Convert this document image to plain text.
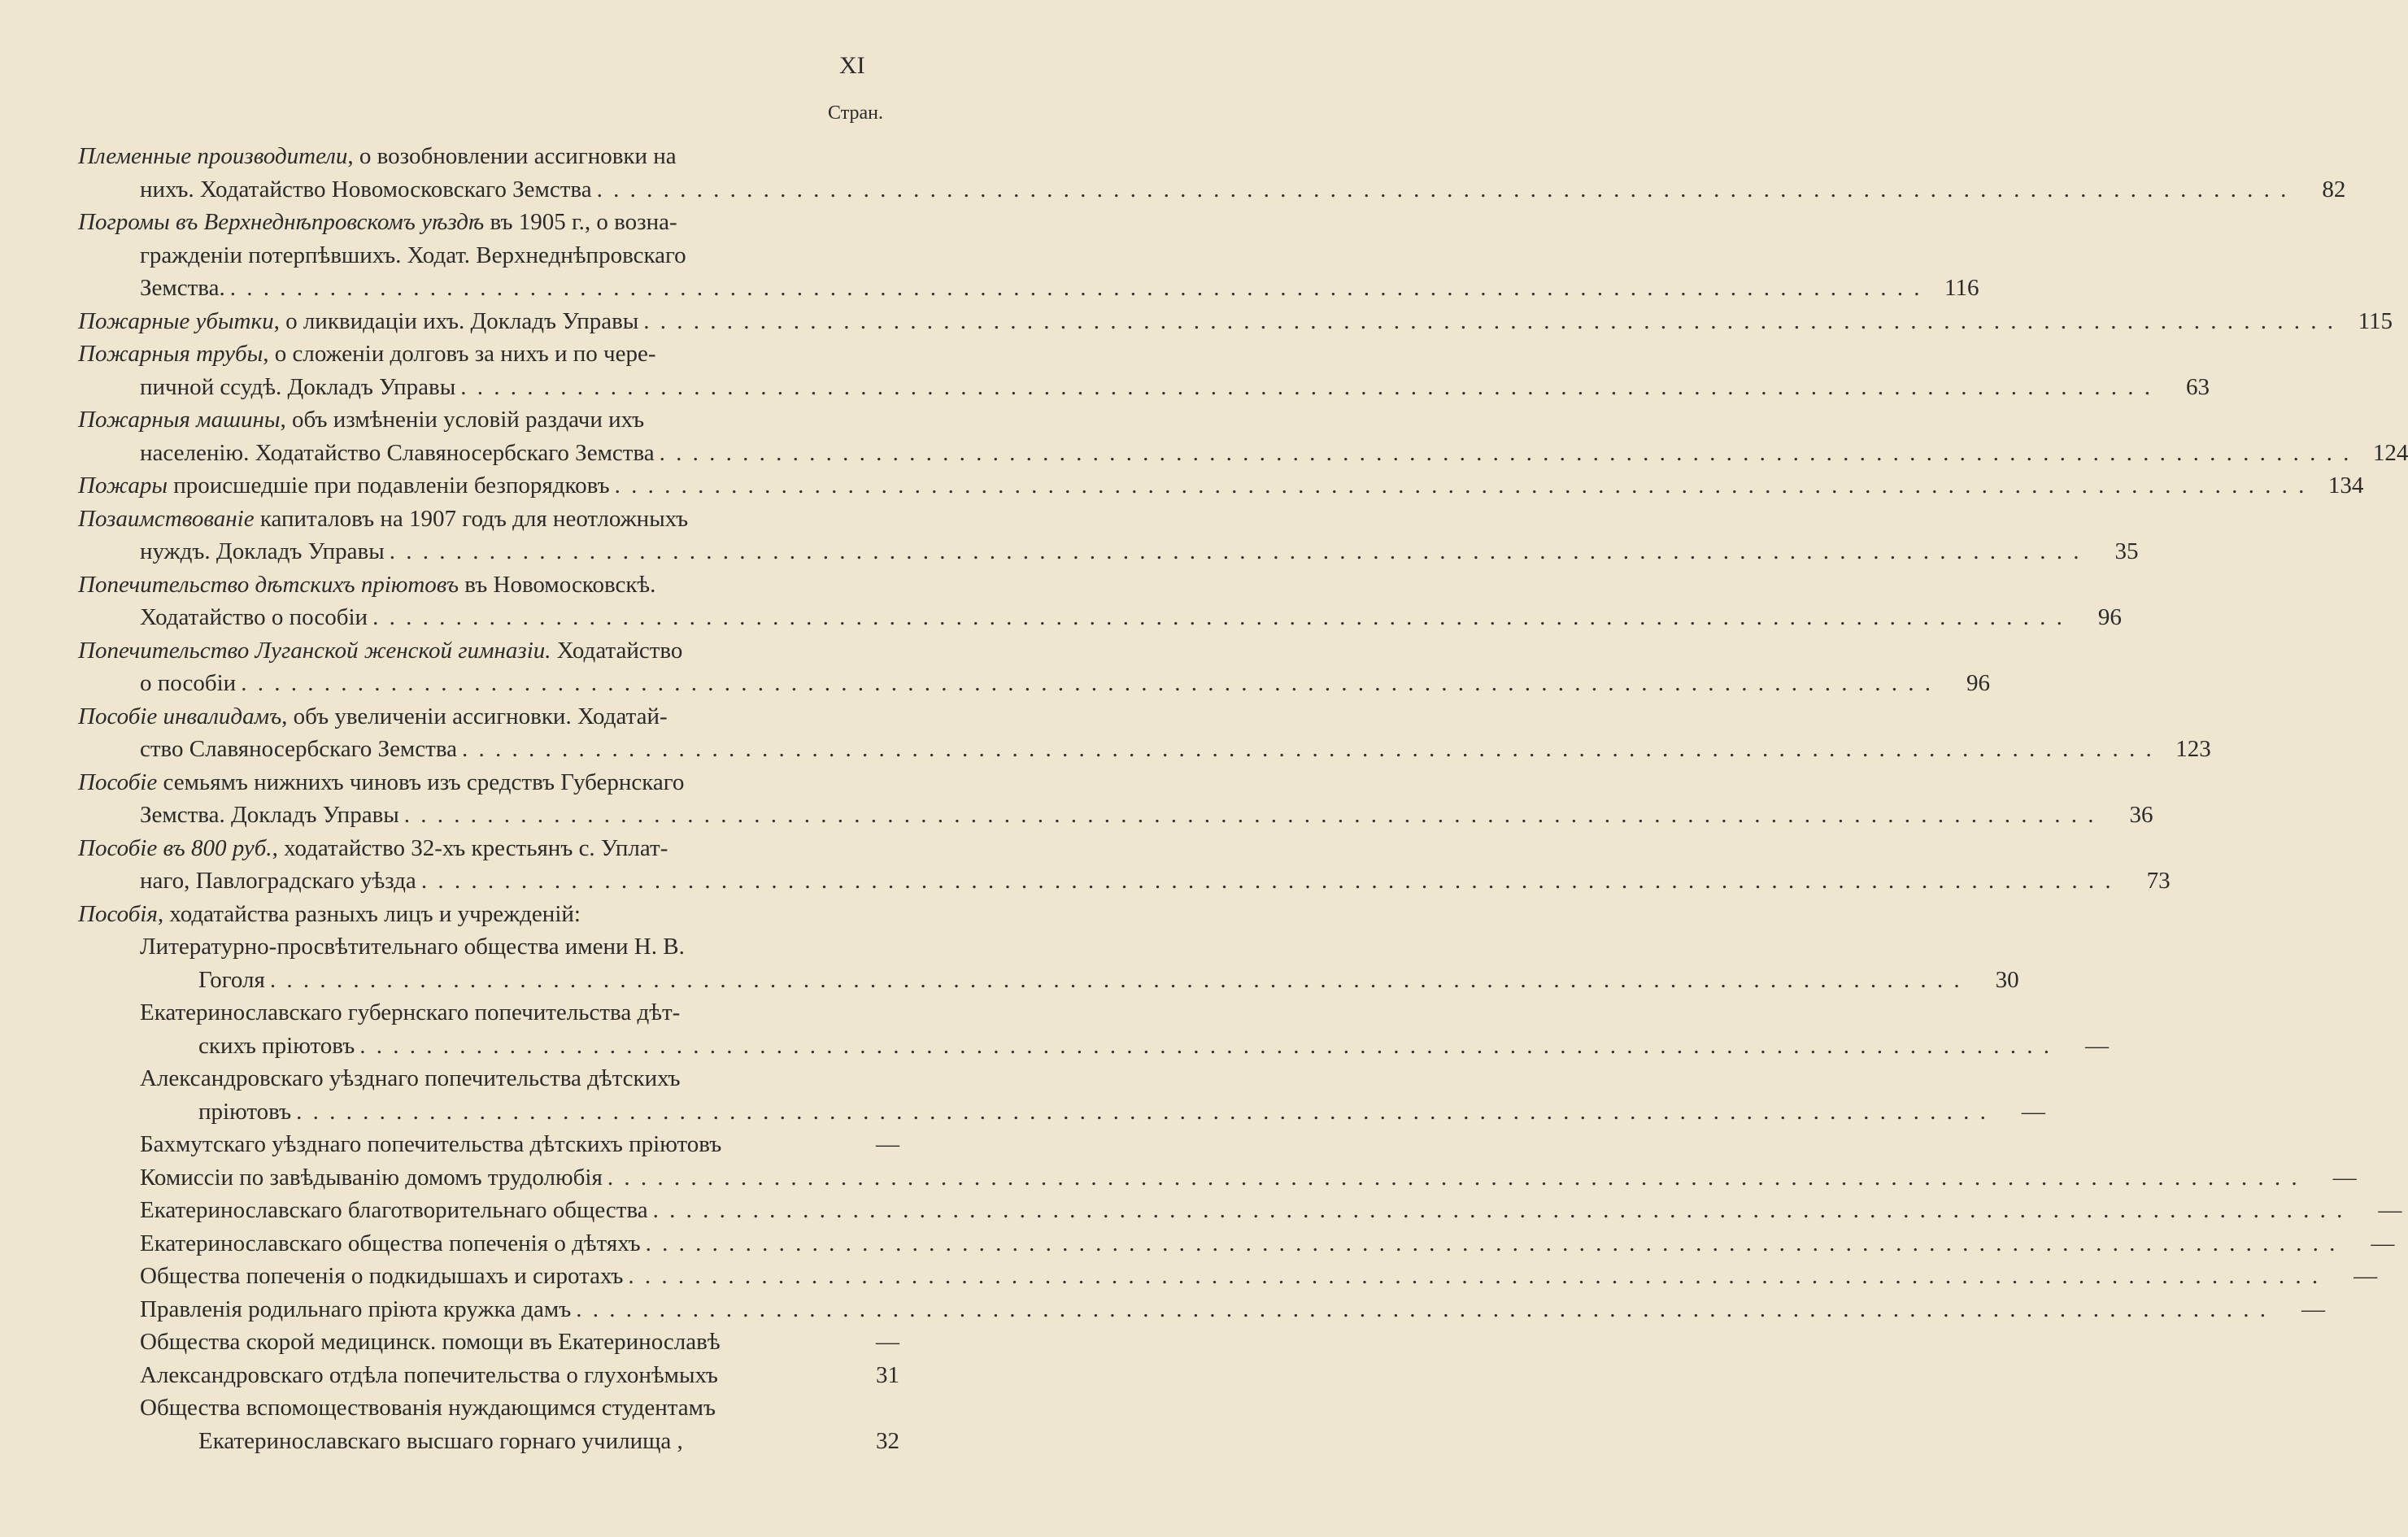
XI
Стран.
Племенные производители, о возобновлении ассигновки на
нихъ. Ходатайство Новомосковскаго Земства . . .	82
Погромы въ Верхнеднѣпровскомъ уѣздѣ въ 1905 г., о возна-
гражденіи потерпѣвшихъ. Ходат. Верхнеднѣпровскаго
Земства. . . .	116
Пожарные убытки, о ликвидаціи ихъ. Докладъ Управы . . .	115
Пожарныя трубы, о сложеніи долговъ за нихъ и по чере-
пичной ссудѣ. Докладъ Управы . . .	63
Пожарныя машины, объ измѣненіи условій раздачи ихъ
населенію. Ходатайство Славяносербскаго Земства . . .	124
Пожары происшедшіе при подавленіи безпорядковъ . . .	134
Позаимствованіе капиталовъ на 1907 годъ для неотложныхъ
нуждъ. Докладъ Управы . . .	35
Попечительство дѣтскихъ пріютовъ въ Новомосковскѣ.
Ходатайство о пособіи . . .	96
Попечительство Луганской женской гимназіи. Ходатайство
о пособіи . . .	96
Пособіе инвалидамъ, объ увеличеніи ассигновки. Ходатай-
ство Славяносербскаго Земства . . .	123
Пособіе семьямъ нижнихъ чиновъ изъ средствъ Губернскаго
Земства. Докладъ Управы . . .	36
Пособіе въ 800 руб., ходатайство 32-хъ крестьянъ с. Уплат-
наго, Павлоградскаго уѣзда . . .	73
Пособія, ходатайства разныхъ лицъ и учрежденій:
Литературно-просвѣтительнаго общества имени Н. В.
Гоголя . . .	30
Екатеринославскаго губернскаго попечительства дѣт-
скихъ пріютовъ . . .	—
Александровскаго уѣзднаго попечительства дѣтскихъ
пріютовъ . . .	—
Бахмутскаго уѣзднаго попечительства дѣтскихъ пріютовъ	—
Комиссіи по завѣдыванію домомъ трудолюбія . . .	—
Екатеринославскаго благотворительнаго общества . . .	—
Екатеринославскаго общества попеченія о дѣтяхъ . . .	—
Общества попеченія о подкидышахъ и сиротахъ . . .	—
Правленія родильнаго пріюта кружка дамъ . . .	—
Общества скорой медицинск. помощи въ Екатеринославѣ	—
Александровскаго отдѣла попечительства о глухонѣмыхъ	31
Общества вспомоществованія нуждающимся студентамъ
Екатеринославскаго высшаго горнаго училища ,	32
